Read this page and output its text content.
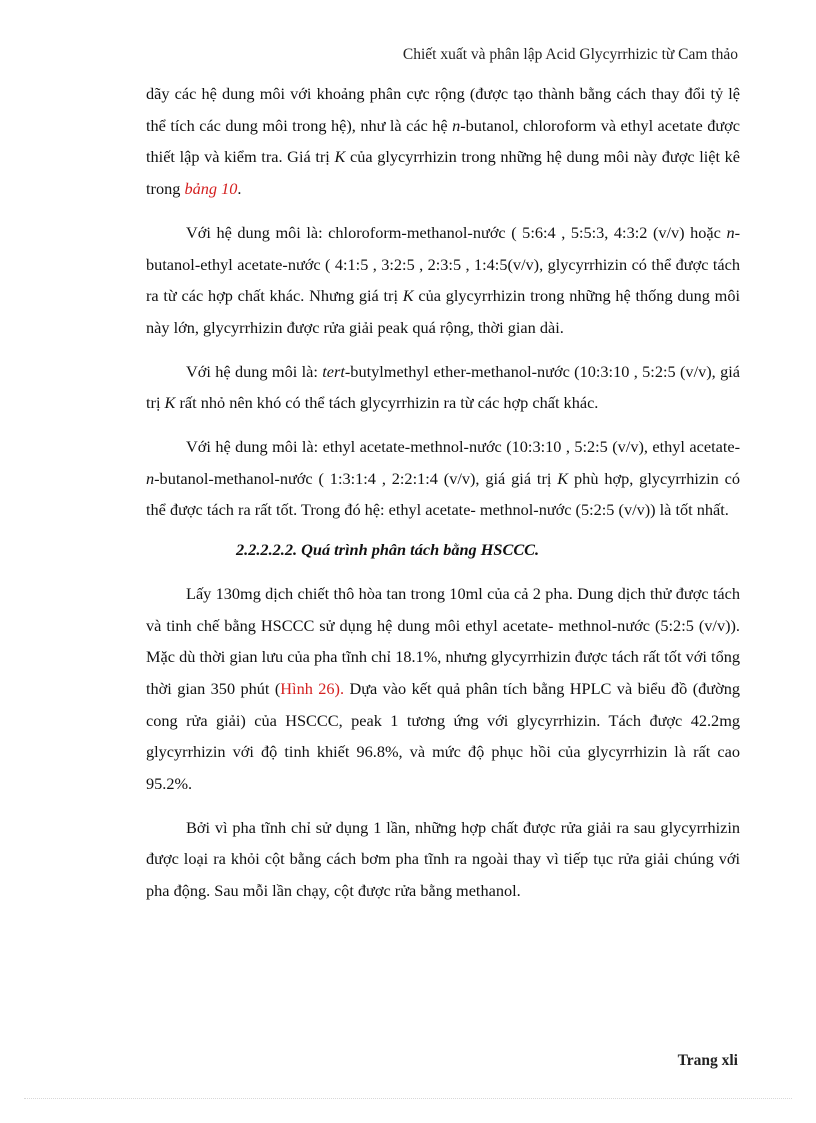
Chiết xuất và phân lập Acid Glycyrrhizic từ Cam thảo

dãy các hệ dung môi với khoảng phân cực rộng (được tạo thành bằng cách thay đổi tỷ lệ thể tích các dung môi trong hệ), như là các hệ n-butanol, chloroform và ethyl acetate được thiết lập và kiểm tra. Giá trị K của glycyrrhizin trong những hệ dung môi này được liệt kê trong bảng 10.

Với hệ dung môi là: chloroform-methanol-nước ( 5:6:4 , 5:5:3, 4:3:2 (v/v) hoặc n-butanol-ethyl acetate-nước ( 4:1:5 , 3:2:5 , 2:3:5 , 1:4:5(v/v), glycyrrhizin có thể được tách ra từ các hợp chất khác. Nhưng giá trị K của glycyrrhizin trong những hệ thống dung môi này lớn, glycyrrhizin được rửa giải peak quá rộng, thời gian dài.

Với hệ dung môi là: tert-butylmethyl ether-methanol-nước (10:3:10 , 5:2:5 (v/v), giá trị K rất nhỏ nên khó có thể tách glycyrrhizin ra từ các hợp chất khác.

Với hệ dung môi là: ethyl acetate-methnol-nước (10:3:10 , 5:2:5 (v/v), ethyl acetate-n-butanol-methanol-nước ( 1:3:1:4 , 2:2:1:4 (v/v), giá giá trị K phù hợp, glycyrrhizin có thể được tách ra rất tốt. Trong đó hệ: ethyl acetate- methnol-nước (5:2:5 (v/v)) là tốt nhất.

2.2.2.2.2. Quá trình phân tách bằng HSCCC.

Lấy 130mg dịch chiết thô hòa tan trong 10ml của cả 2 pha. Dung dịch thử được tách và tinh chế bằng HSCCC sử dụng hệ dung môi ethyl acetate- methnol-nước (5:2:5 (v/v)). Mặc dù thời gian lưu của pha tĩnh chỉ 18.1%, nhưng glycyrrhizin được tách rất tốt với tổng thời gian 350 phút (Hình 26). Dựa vào kết quả phân tích bằng HPLC và biểu đồ (đường cong rửa giải) của HSCCC, peak 1 tương ứng với glycyrrhizin. Tách được 42.2mg glycyrrhizin với độ tinh khiết 96.8%, và mức độ phục hồi của glycyrrhizin là rất cao 95.2%.

Bởi vì pha tĩnh chỉ sử dụng 1 lần, những hợp chất được rửa giải ra sau glycyrrhizin được loại ra khỏi cột bằng cách bơm pha tĩnh ra ngoài thay vì tiếp tục rửa giải chúng với pha động. Sau mỗi lần chạy, cột được rửa bằng methanol.

Trang xli
